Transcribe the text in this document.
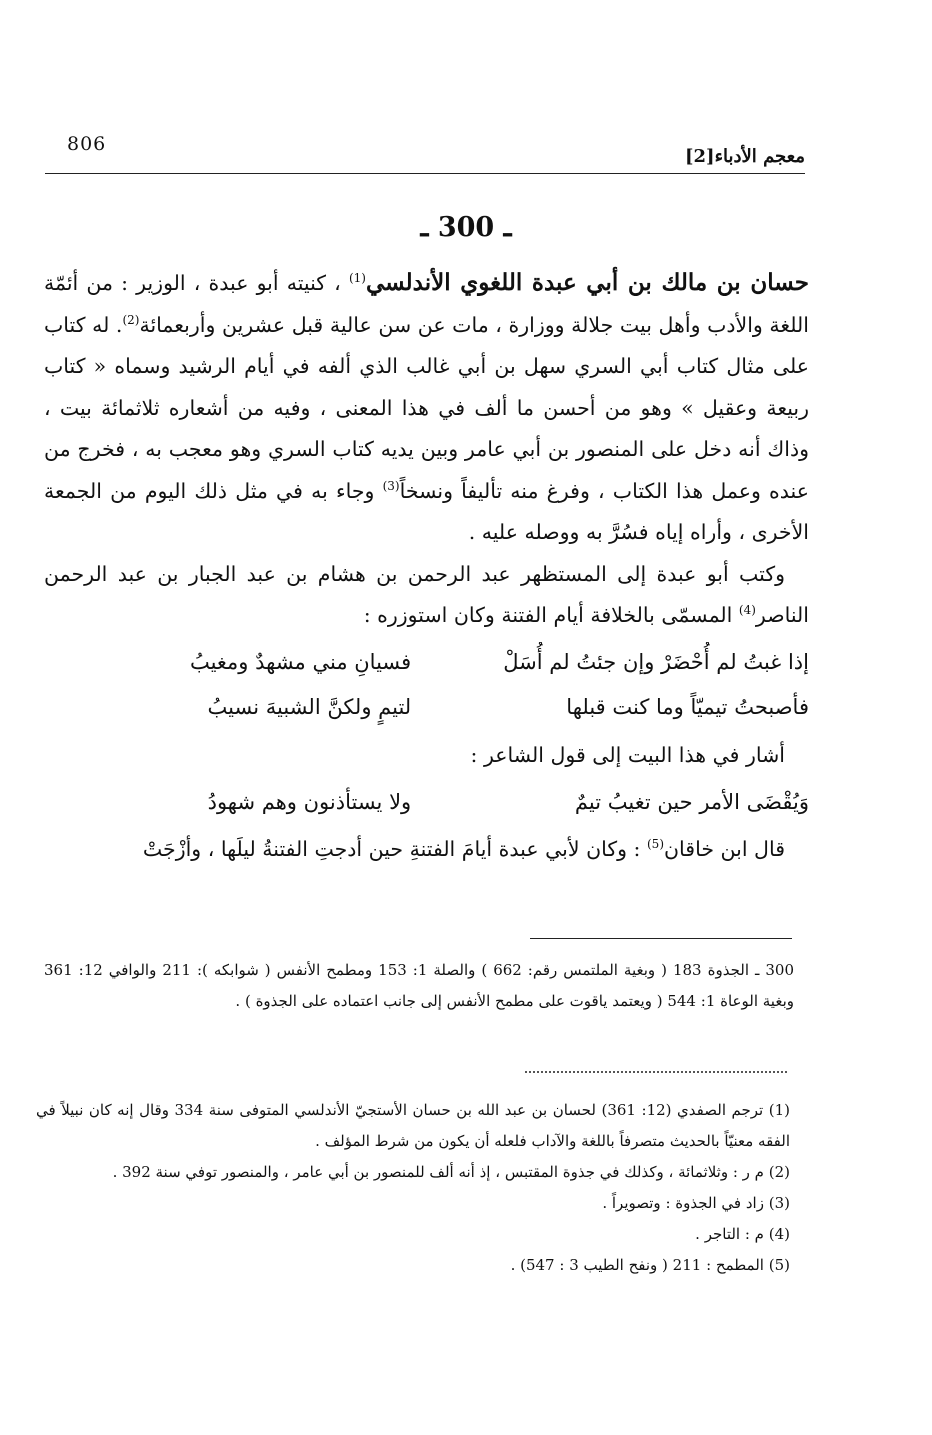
806
معجم الأدباء[2]
ـ 300 ـ

حسان بن مالك بن أبي عبدة اللغوي الأندلسي$^{(1)}$ ، كنيته أبو عبدة ، الوزير : من أئمّة اللغة والأدب وأهل بيت جلالة ووزارة ، مات عن سن عالية قبل عشرين وأربعمائة$^{(2)}$. له كتاب على مثال كتاب أبي السري سهل بن أبي غالب الذي ألفه في أيام الرشيد وسماه « كتاب ربيعة وعقيل » وهو من أحسن ما ألف في هذا المعنى ، وفيه من أشعاره ثلاثمائة بيت ، وذاك أنه دخل على المنصور بن أبي عامر وبين يديه كتاب السري وهو معجب به ، فخرج من عنده وعمل هذا الكتاب ، وفرغ منه تأليفاً ونسخاً$^{(3)}$ وجاء به في مثل ذلك اليوم من الجمعة الأخرى ، وأراه إياه فسُرَّ به ووصله عليه .

وكتب أبو عبدة إلى المستظهر عبد الرحمن بن هشام بن عبد الجبار بن عبد الرحمن الناصر$^{(4)}$ المسمّى بالخلافة أيام الفتنة وكان استوزره :

إذا غبتُ لم أُحْضَرْ وإن جئتُ لم أُسَلْ
فسيانِ مني مشهدٌ ومغيبُ
فأصبحتُ تيميّاً وما كنت قبلها
لتيمٍ ولكنَّ الشبيهَ نسيبُ

أشار في هذا البيت إلى قول الشاعر :

وَيُقْضَى الأمر حين تغيبُ تيمٌ
ولا يستأذنون وهم شهودُ

قال ابن خاقان$^{(5)}$ : وكان لأبي عبدة أيامَ الفتنةِ حين أدجتِ الفتنةُ ليلَها ، وأزْجَتْ

300 ـ الجذوة 183 ( وبغية الملتمس رقم: 662 ) والصلة 1: 153 ومطمح الأنفس ( شوابكه ): 211 والوافي 12: 361 وبغية الوعاة 1: 544 ( ويعتمد ياقوت على مطمح الأنفس إلى جانب اعتماده على الجذوة ) .

(1) ترجم الصفدي (12: 361) لحسان بن عبد الله بن حسان الأستجيّ الأندلسي المتوفى سنة 334 وقال إنه كان نبيلاً في الفقه معنيّاً بالحديث متصرفاً باللغة والآداب فلعله أن يكون من شرط المؤلف .

(2) م ر : وثلاثمائة ، وكذلك في جذوة المقتبس ، إذ أنه ألف للمنصور بن أبي عامر ، والمنصور توفي سنة 392 .

(3) زاد في الجذوة : وتصويراً .

(4) م : التاجر .

(5) المطمح : 211 ( ونفح الطيب 3 : 547) .
